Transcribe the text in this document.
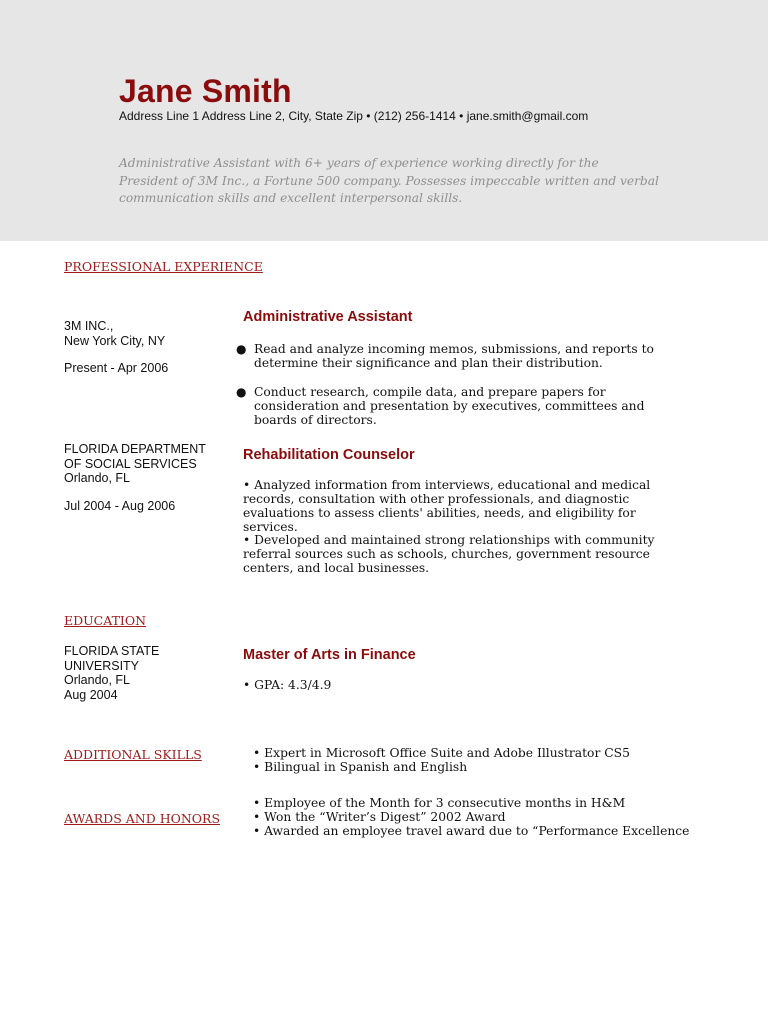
Jane Smith
Address Line 1 Address Line 2, City, State Zip • (212) 256-1414 • jane.smith@gmail.com
Administrative Assistant with 6+ years of experience working directly for the President of 3M Inc., a Fortune 500 company. Possesses impeccable written and verbal communication skills and excellent interpersonal skills.
PROFESSIONAL EXPERIENCE
3M INC.,
New York City, NY
Present - Apr 2006
Administrative Assistant
● Read and analyze incoming memos, submissions, and reports to determine their significance and plan their distribution.
● Conduct research, compile data, and prepare papers for consideration and presentation by executives, committees and boards of directors.
FLORIDA DEPARTMENT
OF SOCIAL SERVICES
Orlando, FL
Jul 2004 - Aug 2006
Rehabilitation Counselor

• Analyzed information from interviews, educational and medical records, consultation with other professionals, and diagnostic evaluations to assess clients' abilities, needs, and eligibility for services.

• Developed and maintained strong relationships with community referral sources such as schools, churches, government resource centers, and local businesses.

EDUCATION
FLORIDA STATE
UNIVERSITY
Orlando, FL
Aug 2004
Master of Arts in Finance

• GPA: 4.3/4.9

ADDITIONAL SKILLS	• Expert in Microsoft Office Suite and Adobe Illustrator CS5
• Bilingual in Spanish and English
AWARDS AND HONORS
• Employee of the Month for 3 consecutive months in H&M
• Won the “Writer’s Digest” 2002 Award
• Awarded an employee travel award due to “Performance Excellence
